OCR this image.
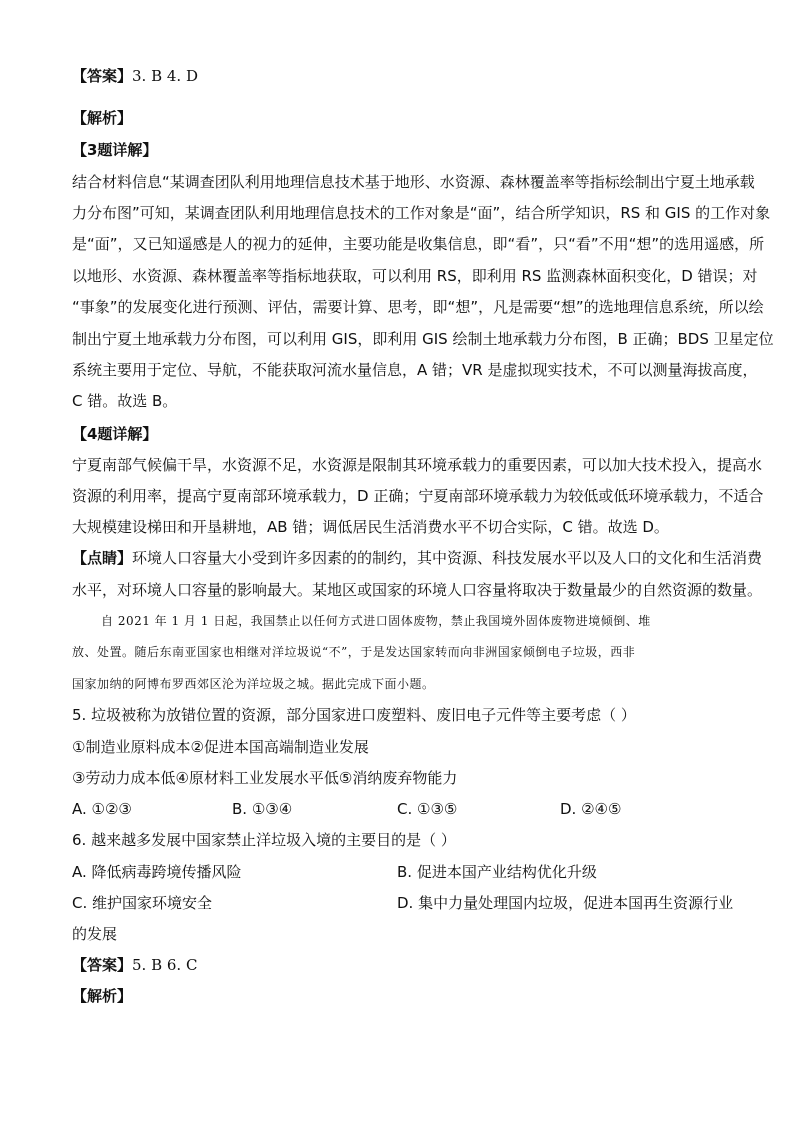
【答案】3. B 4. D
【解析】
【3题详解】
结合材料信息“某调查团队利用地理信息技术基于地形、水资源、森林覆盖率等指标绘制出宁夏土地承载
力分布图”可知，某调查团队利用地理信息技术的工作对象是“面”，结合所学知识，RS 和 GIS 的工作对象
是“面”，又已知遥感是人的视力的延伸，主要功能是收集信息，即“看”，只“看”不用“想”的选用遥感，所
以地形、水资源、森林覆盖率等指标地获取，可以利用 RS，即利用 RS 监测森林面积变化，D 错误；对
“事象”的发展变化进行预测、评估，需要计算、思考，即“想”，凡是需要“想”的选地理信息系统，所以绘
制出宁夏土地承载力分布图，可以利用 GIS，即利用 GIS 绘制土地承载力分布图，B 正确；BDS 卫星定位
系统主要用于定位、导航，不能获取河流水量信息，A 错；VR 是虚拟现实技术，不可以测量海拔高度，
C 错。故选 B。
【4题详解】
宁夏南部气候偏干旱，水资源不足，水资源是限制其环境承载力的重要因素，可以加大技术投入，提高水
资源的利用率，提高宁夏南部环境承载力，D 正确；宁夏南部环境承载力为较低或低环境承载力，不适合
大规模建设梯田和开垦耕地，AB 错；调低居民生活消费水平不切合实际，C 错。故选 D。
【点睛】环境人口容量大小受到许多因素的的制约，其中资源、科技发展水平以及人口的文化和生活消费
水平，对环境人口容量的影响最大。某地区或国家的环境人口容量将取决于数量最少的自然资源的数量。
自 2021 年 1 月 1 日起，我国禁止以任何方式进口固体废物，禁止我国境外固体废物进境倾倒、堆
放、处置。随后东南亚国家也相继对洋垃圾说“不”，于是发达国家转而向非洲国家倾倒电子垃圾，西非
国家加纳的阿博布罗西郊区沦为洋垃圾之城。据此完成下面小题。
5. 垃圾被称为放错位置的资源，部分国家进口废塑料、废旧电子元件等主要考虑（ ）
①制造业原料成本②促进本国高端制造业发展
③劳动力成本低④原材料工业发展水平低⑤消纳废弃物能力
A. ①②③	B. ①③④	C. ①③⑤	D. ②④⑤
6. 越来越多发展中国家禁止洋垃圾入境的主要目的是（ ）
A. 降低病毒跨境传播风险	B. 促进本国产业结构优化升级
C. 维护国家环境安全	D. 集中力量处理国内垃圾，促进本国再生资源行业
的发展
【答案】5. B 6. C
【解析】
